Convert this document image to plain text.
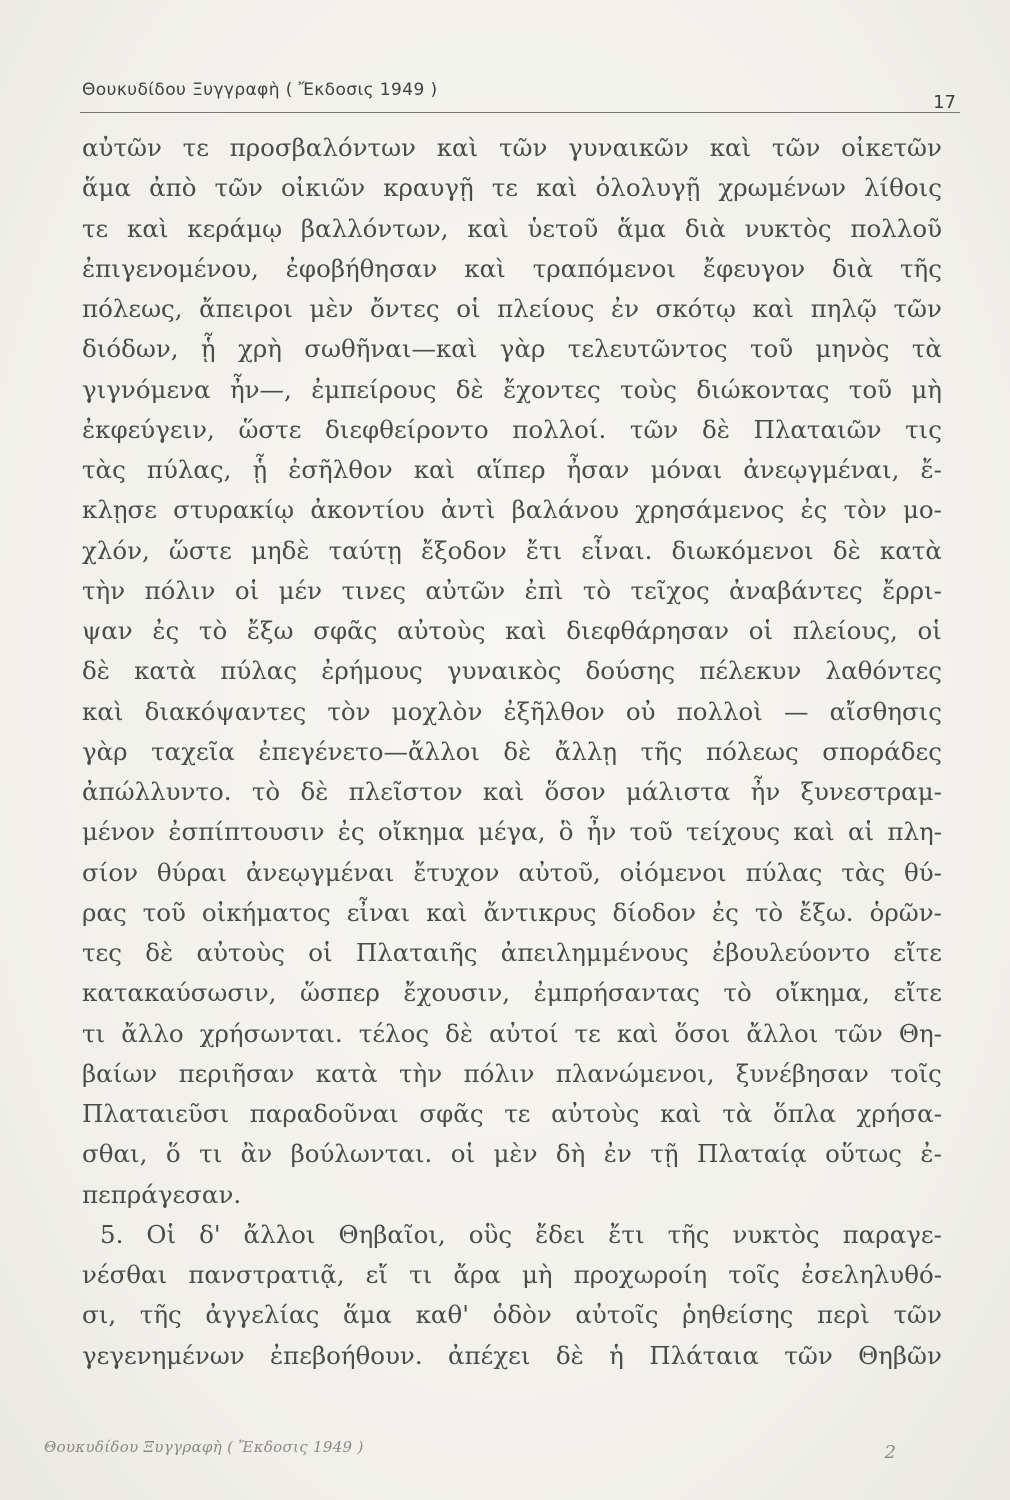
Θουκυδίδου Ξυγγραφὴ ( Ἔκδοσις 1949 )
17
αὐτῶν τε προσβαλόντων καὶ τῶν γυναικῶν καὶ τῶν οἰκετῶν
ἅμα ἀπὸ τῶν οἰκιῶν κραυγῇ τε καὶ ὀλολυγῇ χρωμένων λίθοις
τε καὶ κεράμῳ βαλλόντων, καὶ ὑετοῦ ἅμα διὰ νυκτὸς πολλοῦ
ἐπιγενομένου, ἐφοβήθησαν καὶ τραπόμενοι ἔφευγον διὰ τῆς
πόλεως, ἄπειροι μὲν ὄντες οἱ πλείους ἐν σκότῳ καὶ πηλῷ τῶν
διόδων, ᾗ χρὴ σωθῆναι—καὶ γὰρ τελευτῶντος τοῦ μηνὸς τὰ
γιγνόμενα ἦν—, ἐμπείρους δὲ ἔχοντες τοὺς διώκοντας τοῦ μὴ
ἐκφεύγειν, ὥστε διεφθείροντο πολλοί. τῶν δὲ Πλαταιῶν τις
τὰς πύλας, ᾗ ἐσῆλθον καὶ αἵπερ ἦσαν μόναι ἀνεῳγμέναι, ἔ-
κλῃσε στυρακίῳ ἀκοντίου ἀντὶ βαλάνου χρησάμενος ἐς τὸν μο-
χλόν, ὥστε μηδὲ ταύτῃ ἔξοδον ἔτι εἶναι. διωκόμενοι δὲ κατὰ
τὴν πόλιν οἱ μέν τινες αὐτῶν ἐπὶ τὸ τεῖχος ἀναβάντες ἔρρι-
ψαν ἐς τὸ ἔξω σφᾶς αὐτοὺς καὶ διεφθάρησαν οἱ πλείους, οἱ
δὲ κατὰ πύλας ἐρήμους γυναικὸς δούσης πέλεκυν λαθόντες
καὶ διακόψαντες τὸν μοχλὸν ἐξῆλθον οὐ πολλοὶ — αἴσθησις
γὰρ ταχεῖα ἐπεγένετο—ἄλλοι δὲ ἄλλῃ τῆς πόλεως σποράδες
ἀπώλλυντο. τὸ δὲ πλεῖστον καὶ ὅσον μάλιστα ἦν ξυνεστραμ-
μένον ἐσπίπτουσιν ἐς οἴκημα μέγα, ὃ ἦν τοῦ τείχους καὶ αἱ πλη-
σίον θύραι ἀνεῳγμέναι ἔτυχον αὐτοῦ, οἰόμενοι πύλας τὰς θύ-
ρας τοῦ οἰκήματος εἶναι καὶ ἄντικρυς δίοδον ἐς τὸ ἔξω. ὁρῶν-
τες δὲ αὐτοὺς οἱ Πλαταιῆς ἀπειλημμένους ἐβουλεύοντο εἴτε
κατακαύσωσιν, ὥσπερ ἔχουσιν, ἐμπρήσαντας τὸ οἴκημα, εἴτε
τι ἄλλο χρήσωνται. τέλος δὲ αὐτοί τε καὶ ὅσοι ἄλλοι τῶν Θη-
βαίων περιῆσαν κατὰ τὴν πόλιν πλανώμενοι, ξυνέβησαν τοῖς
Πλαταιεῦσι παραδοῦναι σφᾶς τε αὐτοὺς καὶ τὰ ὅπλα χρήσα-
σθαι, ὅ τι ἂν βούλωνται. οἱ μὲν δὴ ἐν τῇ Πλαταίᾳ οὕτως ἐ-
πεπράγεσαν.
5. Οἱ δ' ἄλλοι Θηβαῖοι, οὓς ἔδει ἔτι τῆς νυκτὸς παραγε-
νέσθαι πανστρατιᾷ, εἴ τι ἄρα μὴ προχωροίη τοῖς ἐσεληλυθό-
σι, τῆς ἀγγελίας ἅμα καθ' ὁδὸν αὐτοῖς ῥηθείσης περὶ τῶν
γεγενημένων ἐπεβοήθουν. ἀπέχει δὲ ἡ Πλάταια τῶν Θηβῶν
Θουκυδίδου Ξυγγραφὴ ( Ἔκδοσις 1949 )	2
